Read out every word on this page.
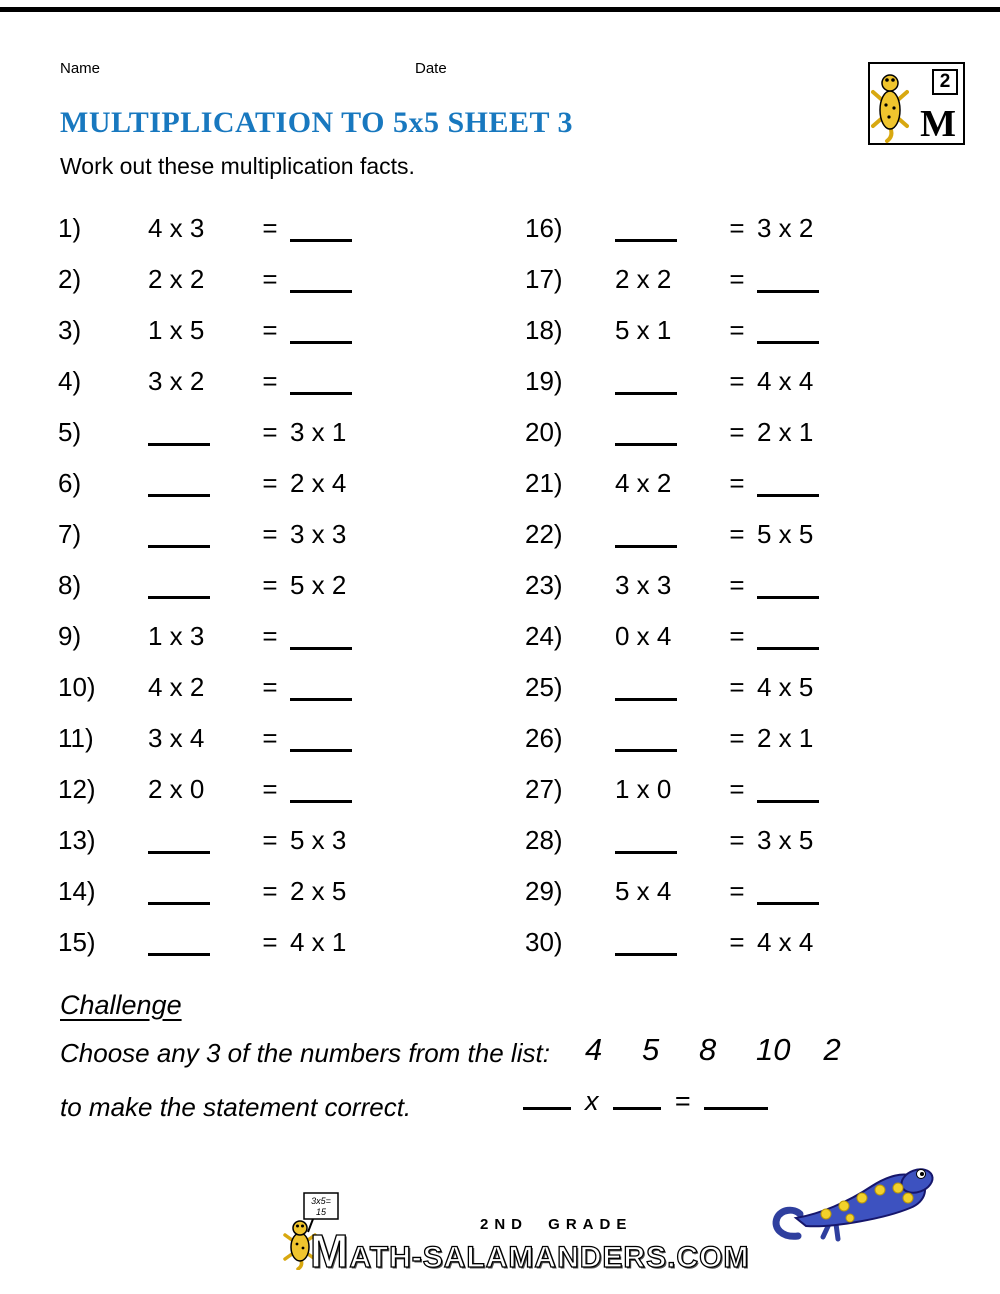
Name	Date
2
M
MULTIPLICATION TO 5x5 SHEET 3

Work out these multiplication facts.

1)	4 x 3	=
2)	2 x 2	=
3)	1 x 5	=
4)	3 x 2	=
5)	= 3 x 1
6)	= 2 x 4
7)	= 3 x 3
8)	= 5 x 2
9)	1 x 3	=
10)	4 x 2	=
11)	3 x 4	=
12)	2 x 0	=
13)	= 5 x 3
14)	= 2 x 5
15)	= 4 x 1
16)	= 3 x 2
17)	2 x 2	=
18)	5 x 1	=
19)	= 4 x 4
20)	= 2 x 1
21)	4 x 2	=
22)	= 5 x 5
23)	3 x 3	=
24)	0 x 4	=
25)	= 4 x 5
26)	= 2 x 1
27)	1 x 0	=
28)	= 3 x 5
29)	5 x 4	=
30)	= 4 x 4
Challenge
Choose any 3 of the numbers from the list: 4 5 8 10 2
to make the statement correct.	x	=
3x5=
15
2ND GRADE
M ATH-SALAMANDERS.COM
